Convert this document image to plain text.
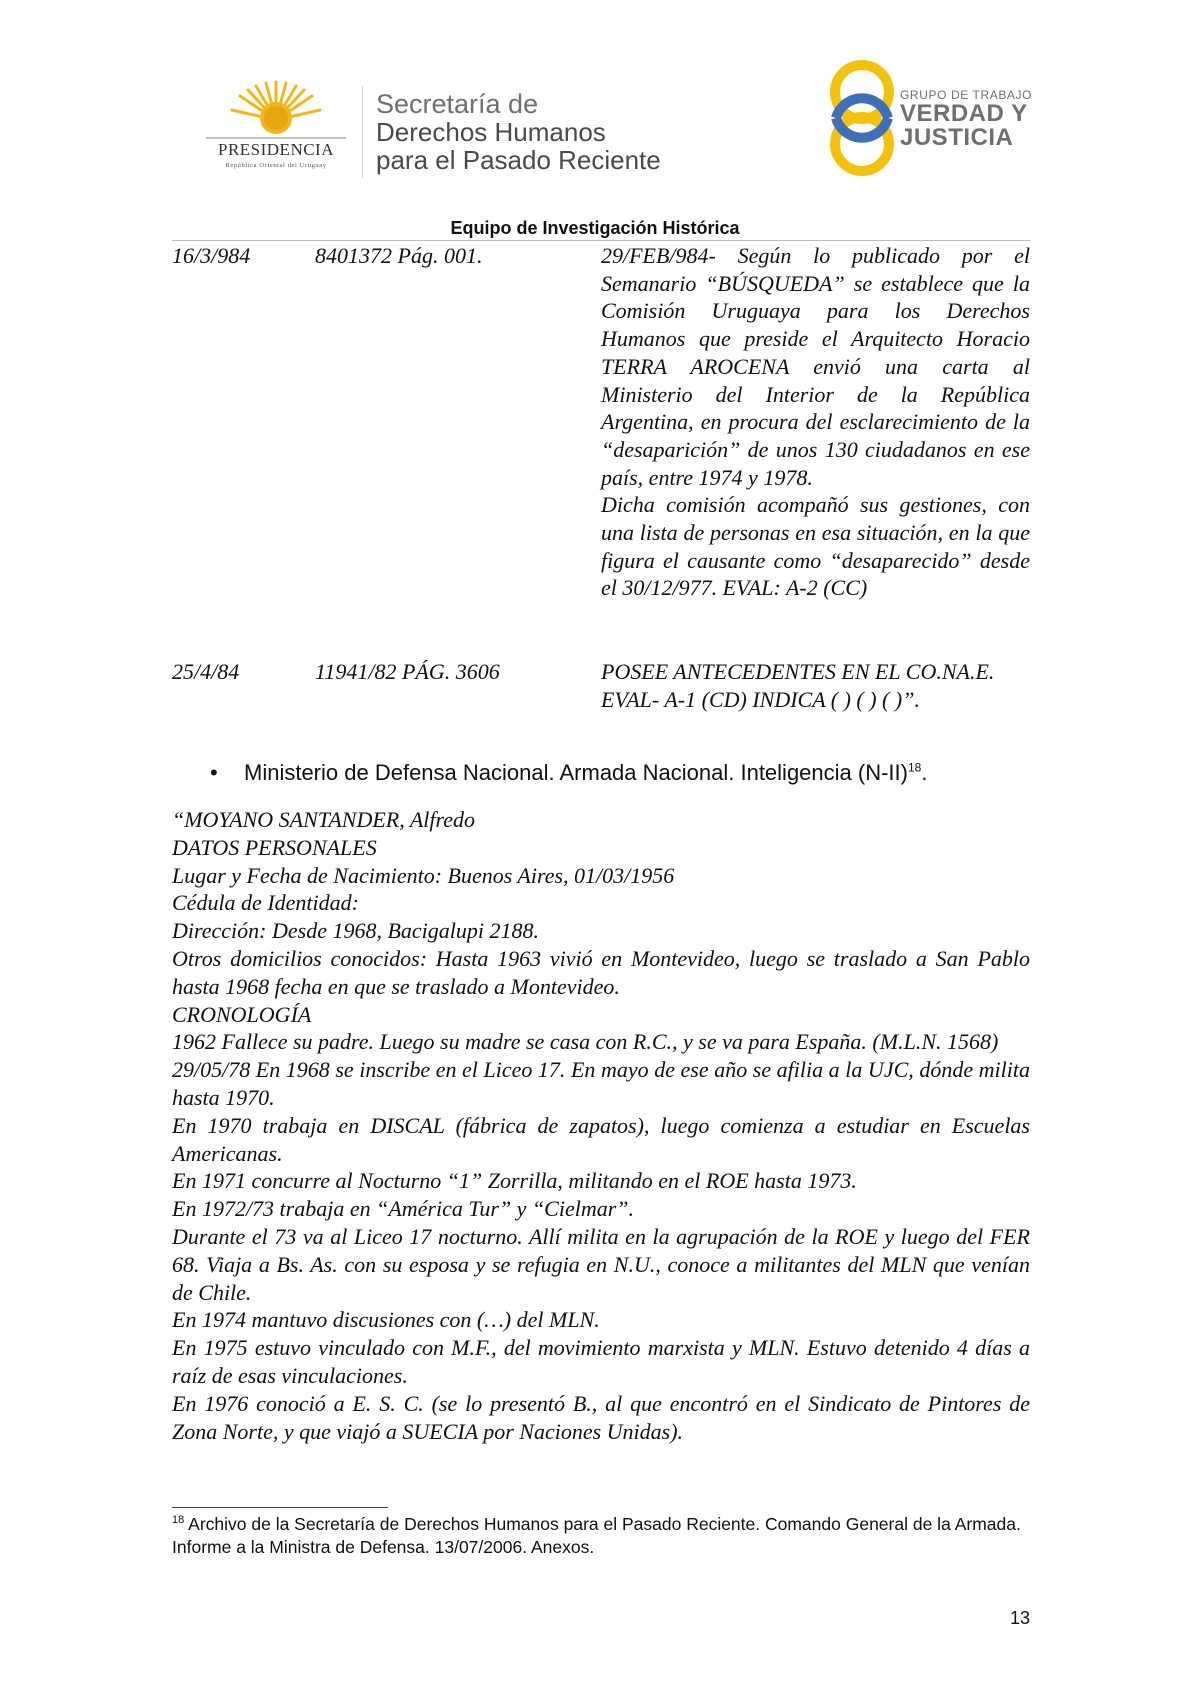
PRESIDENCIA
República Oriental del Uruguay
Secretaría de
Derechos Humanos
para el Pasado Reciente
GRUPO DE TRABAJO
VERDAD Y
JUSTICIA
Equipo de Investigación Histórica
16/3/984	8401372 Pág. 001.	29/FEB/984- Según lo publicado por el Semanario “BÚSQUEDA” se establece que la Comisión Uruguaya para los Derechos Humanos que preside el Arquitecto Horacio TERRA AROCENA envió una carta al Ministerio del Interior de la República Argentina, en procura del esclarecimiento de la “desaparición” de unos 130 ciudadanos en ese país, entre 1974 y 1978.

Dicha comisión acompañó sus gestiones, con una lista de personas en esa situación, en la que figura el causante como “desaparecido” desde el 30/12/977. EVAL: A-2 (CC)

25/4/84	11941/82 PÁG. 3606	POSEE ANTECEDENTES EN EL CO.NA.E.

EVAL- A-1 (CD) INDICA ( ) ( ) ( )”.

• Ministerio de Defensa Nacional. Armada Nacional. Inteligencia $(N-II)^{18}$.

“MOYANO SANTANDER, Alfredo

DATOS PERSONALES

Lugar y Fecha de Nacimiento: Buenos Aires, 01/03/1956

Cédula de Identidad:

Dirección: Desde 1968, Bacigalupi 2188.

Otros domicilios conocidos: Hasta 1963 vivió en Montevideo, luego se traslado a San Pablo hasta 1968 fecha en que se traslado a Montevideo.

CRONOLOGÍA

1962 Fallece su padre. Luego su madre se casa con R.C., y se va para España. (M.L.N. 1568)

29/05/78 En 1968 se inscribe en el Liceo 17. En mayo de ese año se afilia a la UJC, dónde milita hasta 1970.

En 1970 trabaja en DISCAL (fábrica de zapatos), luego comienza a estudiar en Escuelas Americanas.

En 1971 concurre al Nocturno “1” Zorrilla, militando en el ROE hasta 1973.

En 1972/73 trabaja en “América Tur” y “Cielmar”.

Durante el 73 va al Liceo 17 nocturno. Allí milita en la agrupación de la ROE y luego del FER 68. Viaja a Bs. As. con su esposa y se refugia en N.U., conoce a militantes del MLN que venían de Chile.

En 1974 mantuvo discusiones con (…) del MLN.

En 1975 estuvo vinculado con M.F., del movimiento marxista y MLN. Estuvo detenido 4 días a raíz de esas vinculaciones.

En 1976 conoció a E. S. C. (se lo presentó B., al que encontró en el Sindicato de Pintores de Zona Norte, y que viajó a SUECIA por Naciones Unidas).

$^{18}$ Archivo de la Secretaría de Derechos Humanos para el Pasado Reciente. Comando General de la Armada. Informe a la Ministra de Defensa. 13/07/2006. Anexos.
13
